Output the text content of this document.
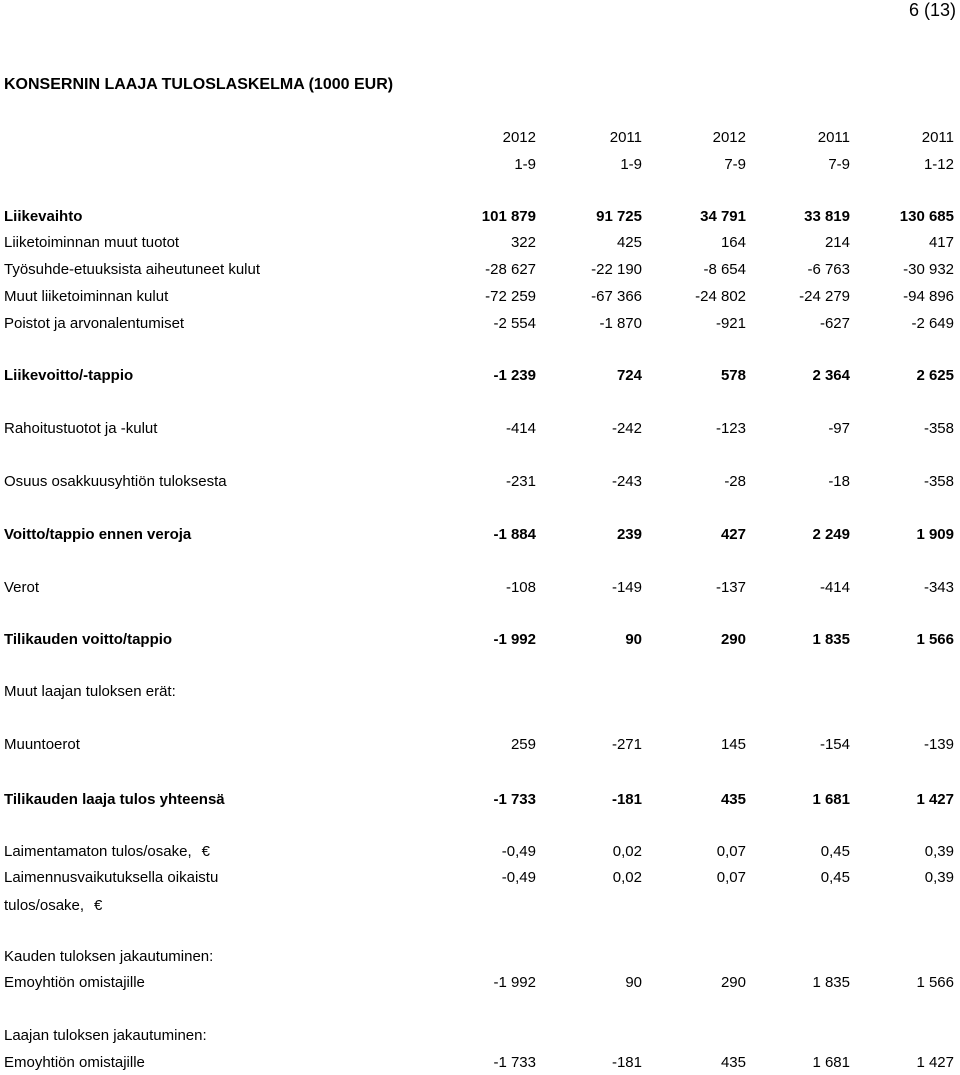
6 (13)
KONSERNIN LAAJA TULOSLASKELMA (1000 EUR)
2012	2011	2012	2011	2011
1-9	1-9	7-9	7-9	1-12
Liikevaihto	101 879	91 725	34 791	33 819	130 685
Liiketoiminnan muut tuotot	322	425	164	214	417
Työsuhde-etuuksista aiheutuneet kulut	-28 627	-22 190	-8 654	-6 763	-30 932
Muut liiketoiminnan kulut	-72 259	-67 366	-24 802	-24 279	-94 896
Poistot ja arvonalentumiset	-2 554	-1 870	-921	-627	-2 649
Liikevoitto/-tappio	-1 239	724	578	2 364	2 625
Rahoitustuotot ja -kulut	-414	-242	-123	-97	-358
Osuus osakkuusyhtiön tuloksesta	-231	-243	-28	-18	-358
Voitto/tappio ennen veroja	-1 884	239	427	2 249	1 909
Verot	-108	-149	-137	-414	-343
Tilikauden voitto/tappio	-1 992	90	290	1 835	1 566
Muut laajan tuloksen erät:
Muuntoerot	259	-271	145	-154	-139
Tilikauden laaja tulos yhteensä	-1 733	-181	435	1 681	1 427
Laimentamaton tulos/osake, €	-0,49	0,02	0,07	0,45	0,39
Laimennusvaikutuksella oikaistu	-0,49	0,02	0,07	0,45	0,39
Kauden tuloksen jakautuminen:
Emoyhtiön omistajille	-1 992	90	290	1 835	1 566
Laajan tuloksen jakautuminen:
Emoyhtiön omistajille	-1 733	-181	435	1 681	1 427
tulos/osake, €
